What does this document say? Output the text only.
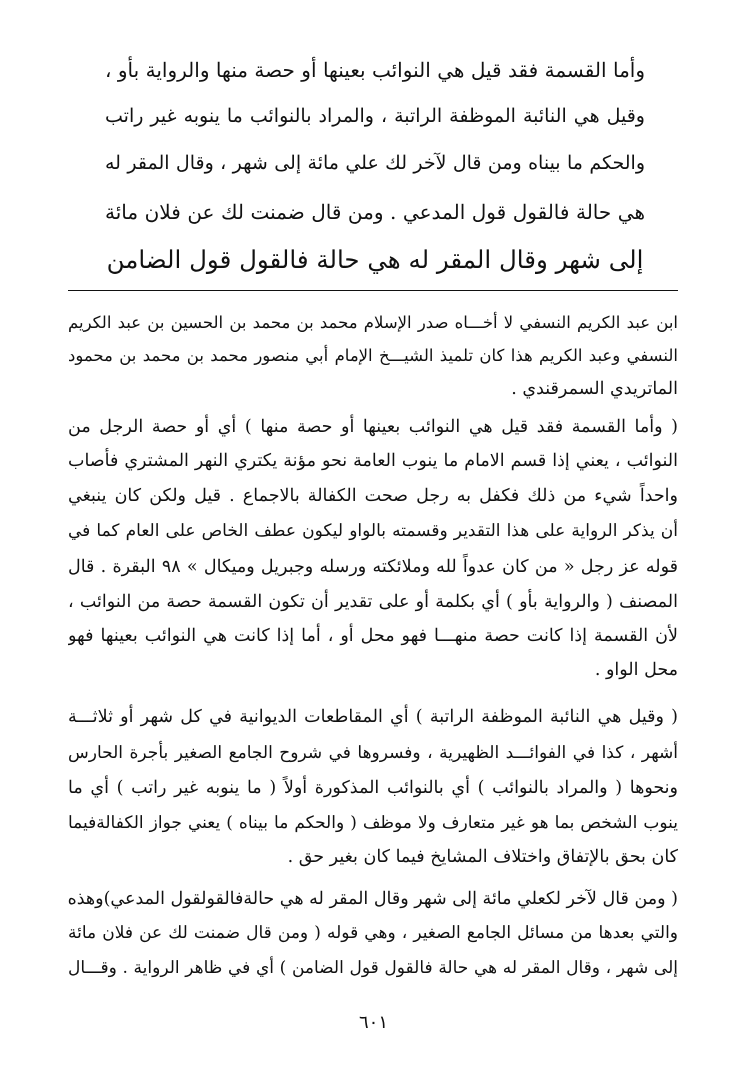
وأما القسمة فقد قيل هي النوائب بعينها أو حصة منها والرواية بأو ،
وقيل هي النائبة الموظفة الراتبة ، والمراد بالنوائب ما ينوبه غير راتب
والحكم ما بيناه ومن قال لآخر لك علي مائة إلى شهر ، وقال المقر له
هي حالة فالقول قول المدعي . ومن قال ضمنت لك عن فلان مائة
إلى شهر وقال المقر له هي حالة فالقول قول الضامن
ابن عبد الكريم النسفي لا أخـــاه صدر الإسلام محمد بن محمد بن الحسين بن عبد الكريم
النسفي وعبد الكريم هذا كان تلميذ الشيـــخ الإمام أبي منصور محمد بن محمد بن محمود
الماتريدي السمرقندي .
( وأما القسمة فقد قيل هي النوائب بعينها أو حصة منها ) أي أو حصة الرجل من
النوائب ، يعني إذا قسم الامام ما ينوب العامة نحو مؤنة يكتري النهر المشتري فأصاب
واحداً شيء من ذلك فكفل به رجل صحت الكفالة بالاجماع . قيل ولكن كان ينبغي
أن يذكر الرواية على هذا التقدير وقسمته بالواو ليكون عطف الخاص على العام كما في
قوله عز رجل « من كان عدواً لله وملائكته ورسله وجبريل وميكال » ٩٨ البقرة . قال
المصنف ( والرواية بأو ) أي بكلمة أو على تقدير أن تكون القسمة حصة من النوائب ،
لأن القسمة إذا كانت حصة منهـــا فهو محل أو ، أما إذا كانت هي النوائب بعينها فهو
محل الواو .
( وقيل هي النائبة الموظفة الراتبة ) أي المقاطعات الديوانية في كل شهر أو ثلاثـــة
أشهر ، كذا في الفوائـــد الظهيرية ، وفسروها في شروح الجامع الصغير بأجرة الحارس
ونحوها ( والمراد بالنوائب ) أي بالنوائب المذكورة أولاً ( ما ينوبه غير راتب ) أي ما
ينوب الشخص بما هو غير متعارف ولا موظف ( والحكم ما بيناه ) يعني جواز الكفالةفيما
كان بحق بالإتفاق واختلاف المشايخ فيما كان بغير حق .
( ومن قال لآخر لكعلي مائة إلى شهر وقال المقر له هي حالةفالقولقول المدعي)وهذه
والتي بعدها من مسائل الجامع الصغير ، وهي قوله ( ومن قال ضمنت لك عن فلان مائة
إلى شهر ، وقال المقر له هي حالة فالقول قول الضامن ) أي في ظاهر الرواية . وقـــال
٦٠١
